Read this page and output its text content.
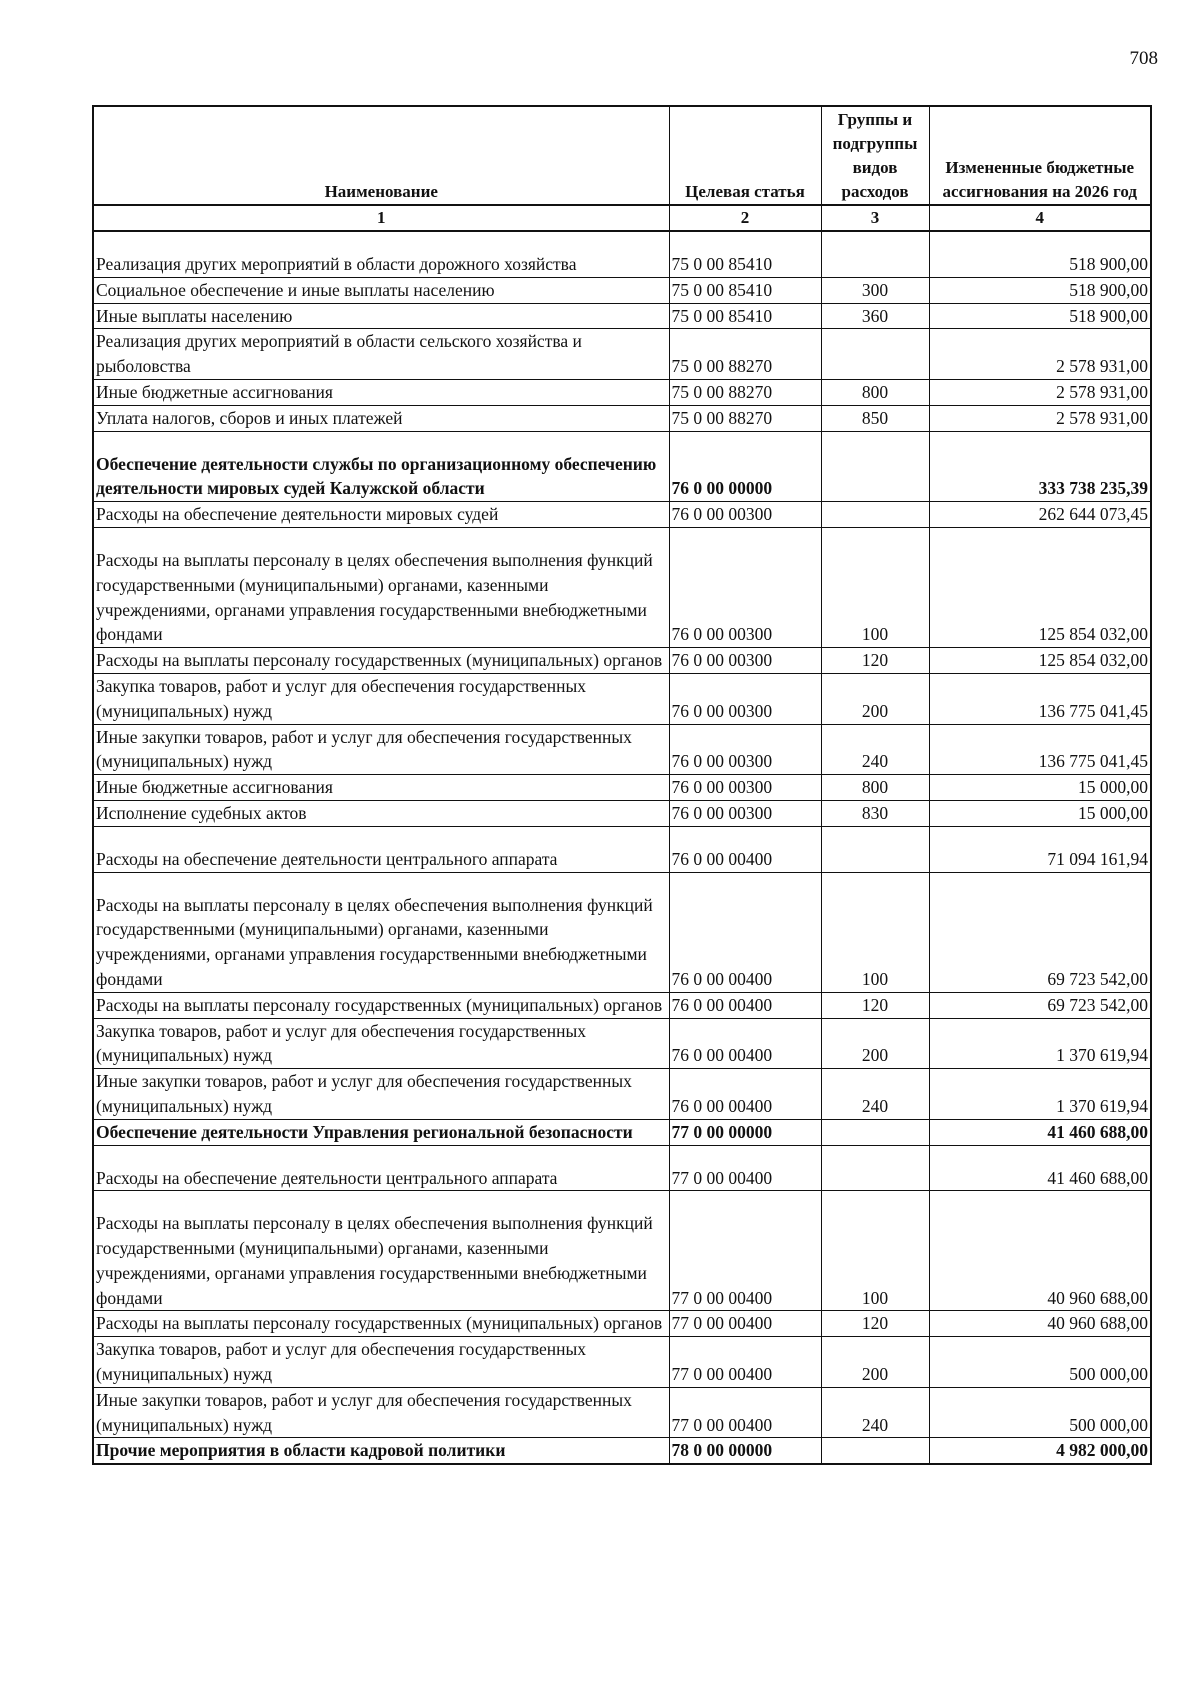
708
Наименование	Целевая статья	Группы и подгруппы видов расходов	Измененные бюджетные ассигнования на 2026 год
1	2	3	4
Реализация других мероприятий в области дорожного хозяйства	75 0 00 85410		518 900,00
Социальное обеспечение и иные выплаты населению	75 0 00 85410	300	518 900,00
Иные выплаты населению	75 0 00 85410	360	518 900,00
Реализация других мероприятий в области сельского хозяйства и рыболовства	75 0 00 88270		2 578 931,00
Иные бюджетные ассигнования	75 0 00 88270	800	2 578 931,00
Уплата налогов, сборов и иных платежей	75 0 00 88270	850	2 578 931,00
Обеспечение деятельности службы по организационному обеспечению деятельности мировых судей Калужской области	76 0 00 00000		333 738 235,39
Расходы на обеспечение деятельности мировых судей	76 0 00 00300		262 644 073,45
Расходы на выплаты персоналу в целях обеспечения выполнения функций государственными (муниципальными) органами, казенными учреждениями, органами управления государственными внебюджетными фондами	76 0 00 00300	100	125 854 032,00
Расходы на выплаты персоналу государственных (муниципальных) органов	76 0 00 00300	120	125 854 032,00
Закупка товаров, работ и услуг для обеспечения государственных (муниципальных) нужд	76 0 00 00300	200	136 775 041,45
Иные закупки товаров, работ и услуг для обеспечения государственных (муниципальных) нужд	76 0 00 00300	240	136 775 041,45
Иные бюджетные ассигнования	76 0 00 00300	800	15 000,00
Исполнение судебных актов	76 0 00 00300	830	15 000,00
Расходы на обеспечение деятельности центрального аппарата	76 0 00 00400		71 094 161,94
Расходы на выплаты персоналу в целях обеспечения выполнения функций государственными (муниципальными) органами, казенными учреждениями, органами управления государственными внебюджетными фондами	76 0 00 00400	100	69 723 542,00
Расходы на выплаты персоналу государственных (муниципальных) органов	76 0 00 00400	120	69 723 542,00
Закупка товаров, работ и услуг для обеспечения государственных (муниципальных) нужд	76 0 00 00400	200	1 370 619,94
Иные закупки товаров, работ и услуг для обеспечения государственных (муниципальных) нужд	76 0 00 00400	240	1 370 619,94
Обеспечение деятельности Управления региональной безопасности	77 0 00 00000		41 460 688,00
Расходы на обеспечение деятельности центрального аппарата	77 0 00 00400		41 460 688,00
Расходы на выплаты персоналу в целях обеспечения выполнения функций государственными (муниципальными) органами, казенными учреждениями, органами управления государственными внебюджетными фондами	77 0 00 00400	100	40 960 688,00
Расходы на выплаты персоналу государственных (муниципальных) органов	77 0 00 00400	120	40 960 688,00
Закупка товаров, работ и услуг для обеспечения государственных (муниципальных) нужд	77 0 00 00400	200	500 000,00
Иные закупки товаров, работ и услуг для обеспечения государственных (муниципальных) нужд	77 0 00 00400	240	500 000,00
Прочие мероприятия в области кадровой политики	78 0 00 00000		4 982 000,00
